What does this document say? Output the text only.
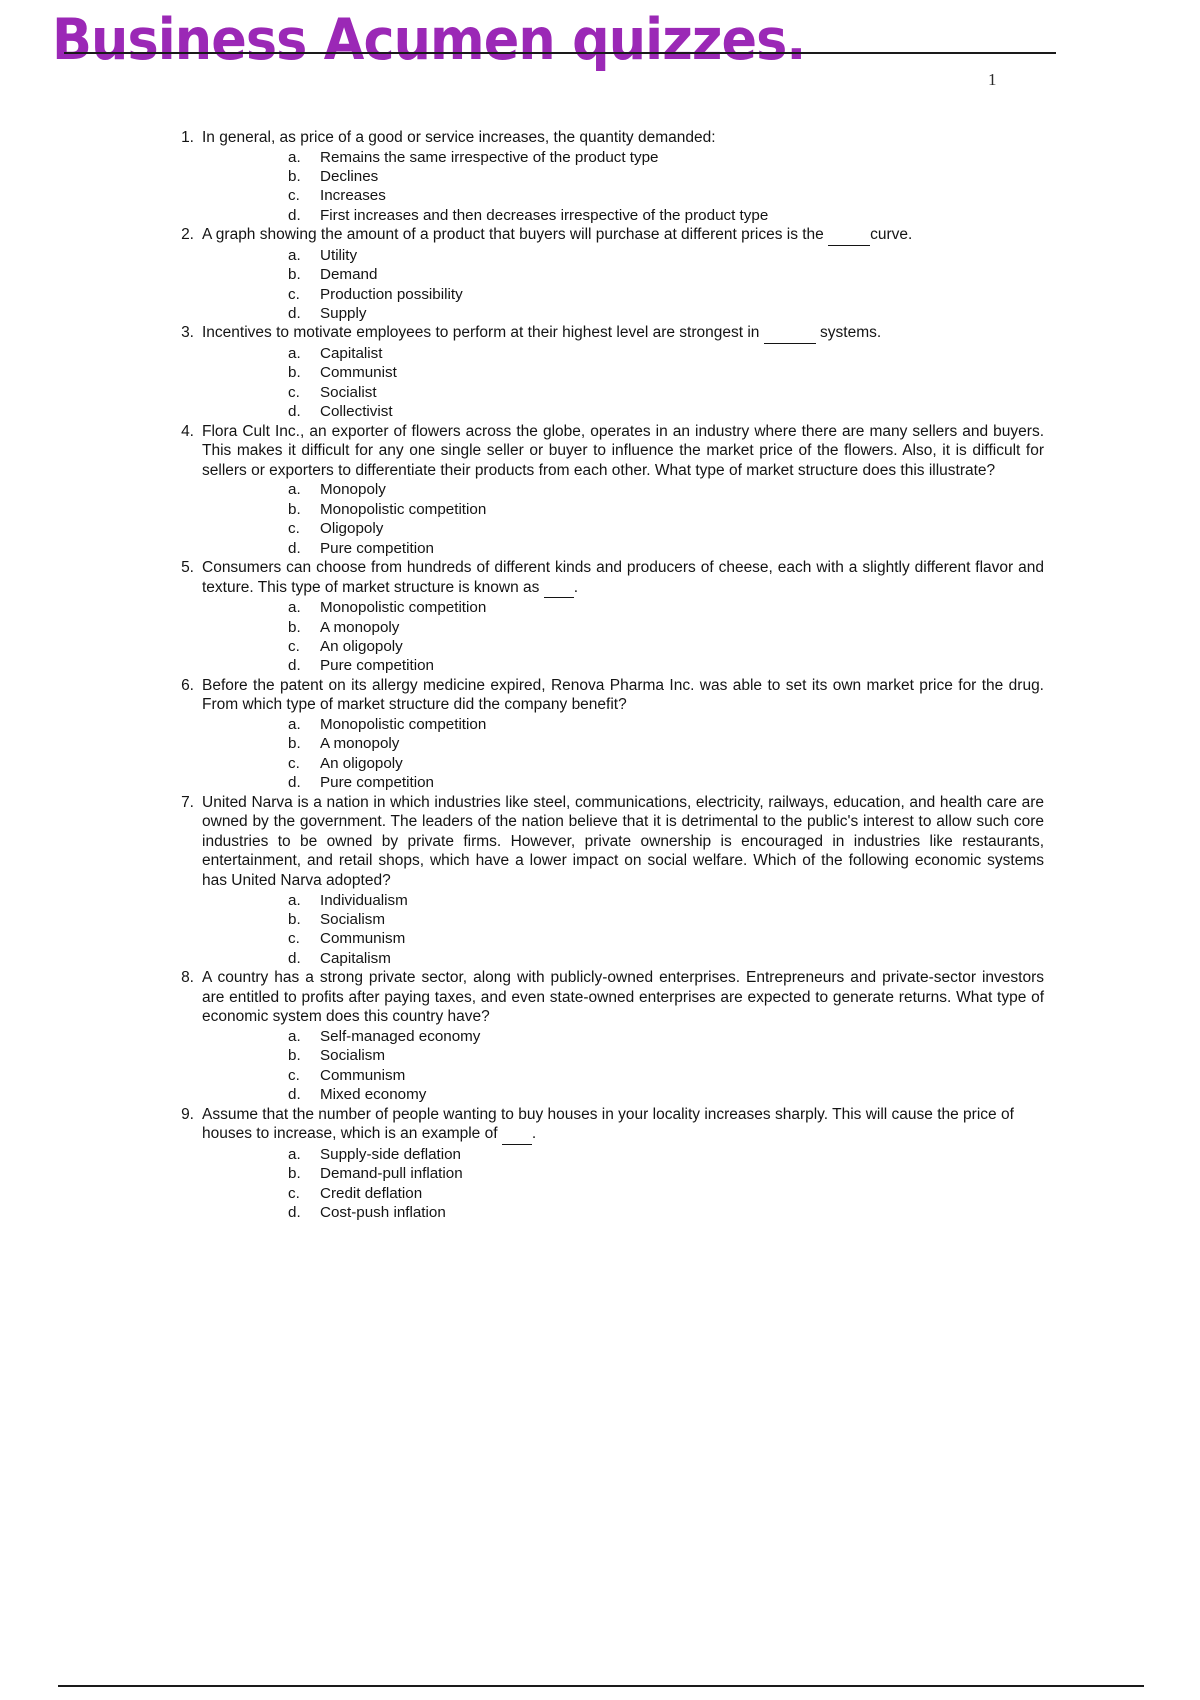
Business Acumen quizzes.
1
1. In general, as price of a good or service increases, the quantity demanded:
a.	Remains the same irrespective of the product type
b.	Declines
c.	Increases
d.	First increases and then decreases irrespective of the product type
2. A graph showing the amount of a product that buyers will purchase at different prices is the	curve.
a.	Utility
b.	Demand
c.	Production possibility
d.	Supply
3. Incentives to motivate employees to perform at their highest level are strongest in	systems.
a.	Capitalist
b.	Communist
c.	Socialist
d.	Collectivist
4. Flora Cult Inc., an exporter of flowers across the globe, operates in an industry where there are many sellers and buyers. This makes it difficult for any one single seller or buyer to influence the market price of the flowers. Also, it is difficult for sellers or exporters to differentiate their products from each other. What type of market structure does this illustrate?
a.	Monopoly
b.	Monopolistic competition
c.	Oligopoly
d.	Pure competition
5. Consumers can choose from hundreds of different kinds and producers of cheese, each with a slightly different flavor and texture. This type of market structure is known as  .
a.	Monopolistic competition
b.	A monopoly
c.	An oligopoly
d.	Pure competition
6. Before the patent on its allergy medicine expired, Renova Pharma Inc. was able to set its own market price for the drug. From which type of market structure did the company benefit?
a.	Monopolistic competition
b.	A monopoly
c.	An oligopoly
d.	Pure competition
7. United Narva is a nation in which industries like steel, communications, electricity, railways, education, and health care are owned by the government. The leaders of the nation believe that it is detrimental to the public's interest to allow such core industries to be owned by private firms. However, private ownership is encouraged in industries like restaurants, entertainment, and retail shops, which have a lower impact on social welfare. Which of the following economic systems has United Narva adopted?
a.	Individualism
b.	Socialism
c.	Communism
d.	Capitalism
8. A country has a strong private sector, along with publicly-owned enterprises. Entrepreneurs and private-sector investors are entitled to profits after paying taxes, and even state-owned enterprises are expected to generate returns. What type of economic system does this country have?
a.	Self-managed economy
b.	Socialism
c.	Communism
d.	Mixed economy
9. Assume that the number of people wanting to buy houses in your locality increases sharply. This will cause the price of houses to increase, which is an example of  .
a.	Supply-side deflation
b.	Demand-pull inflation
c.	Credit deflation
d.	Cost-push inflation
